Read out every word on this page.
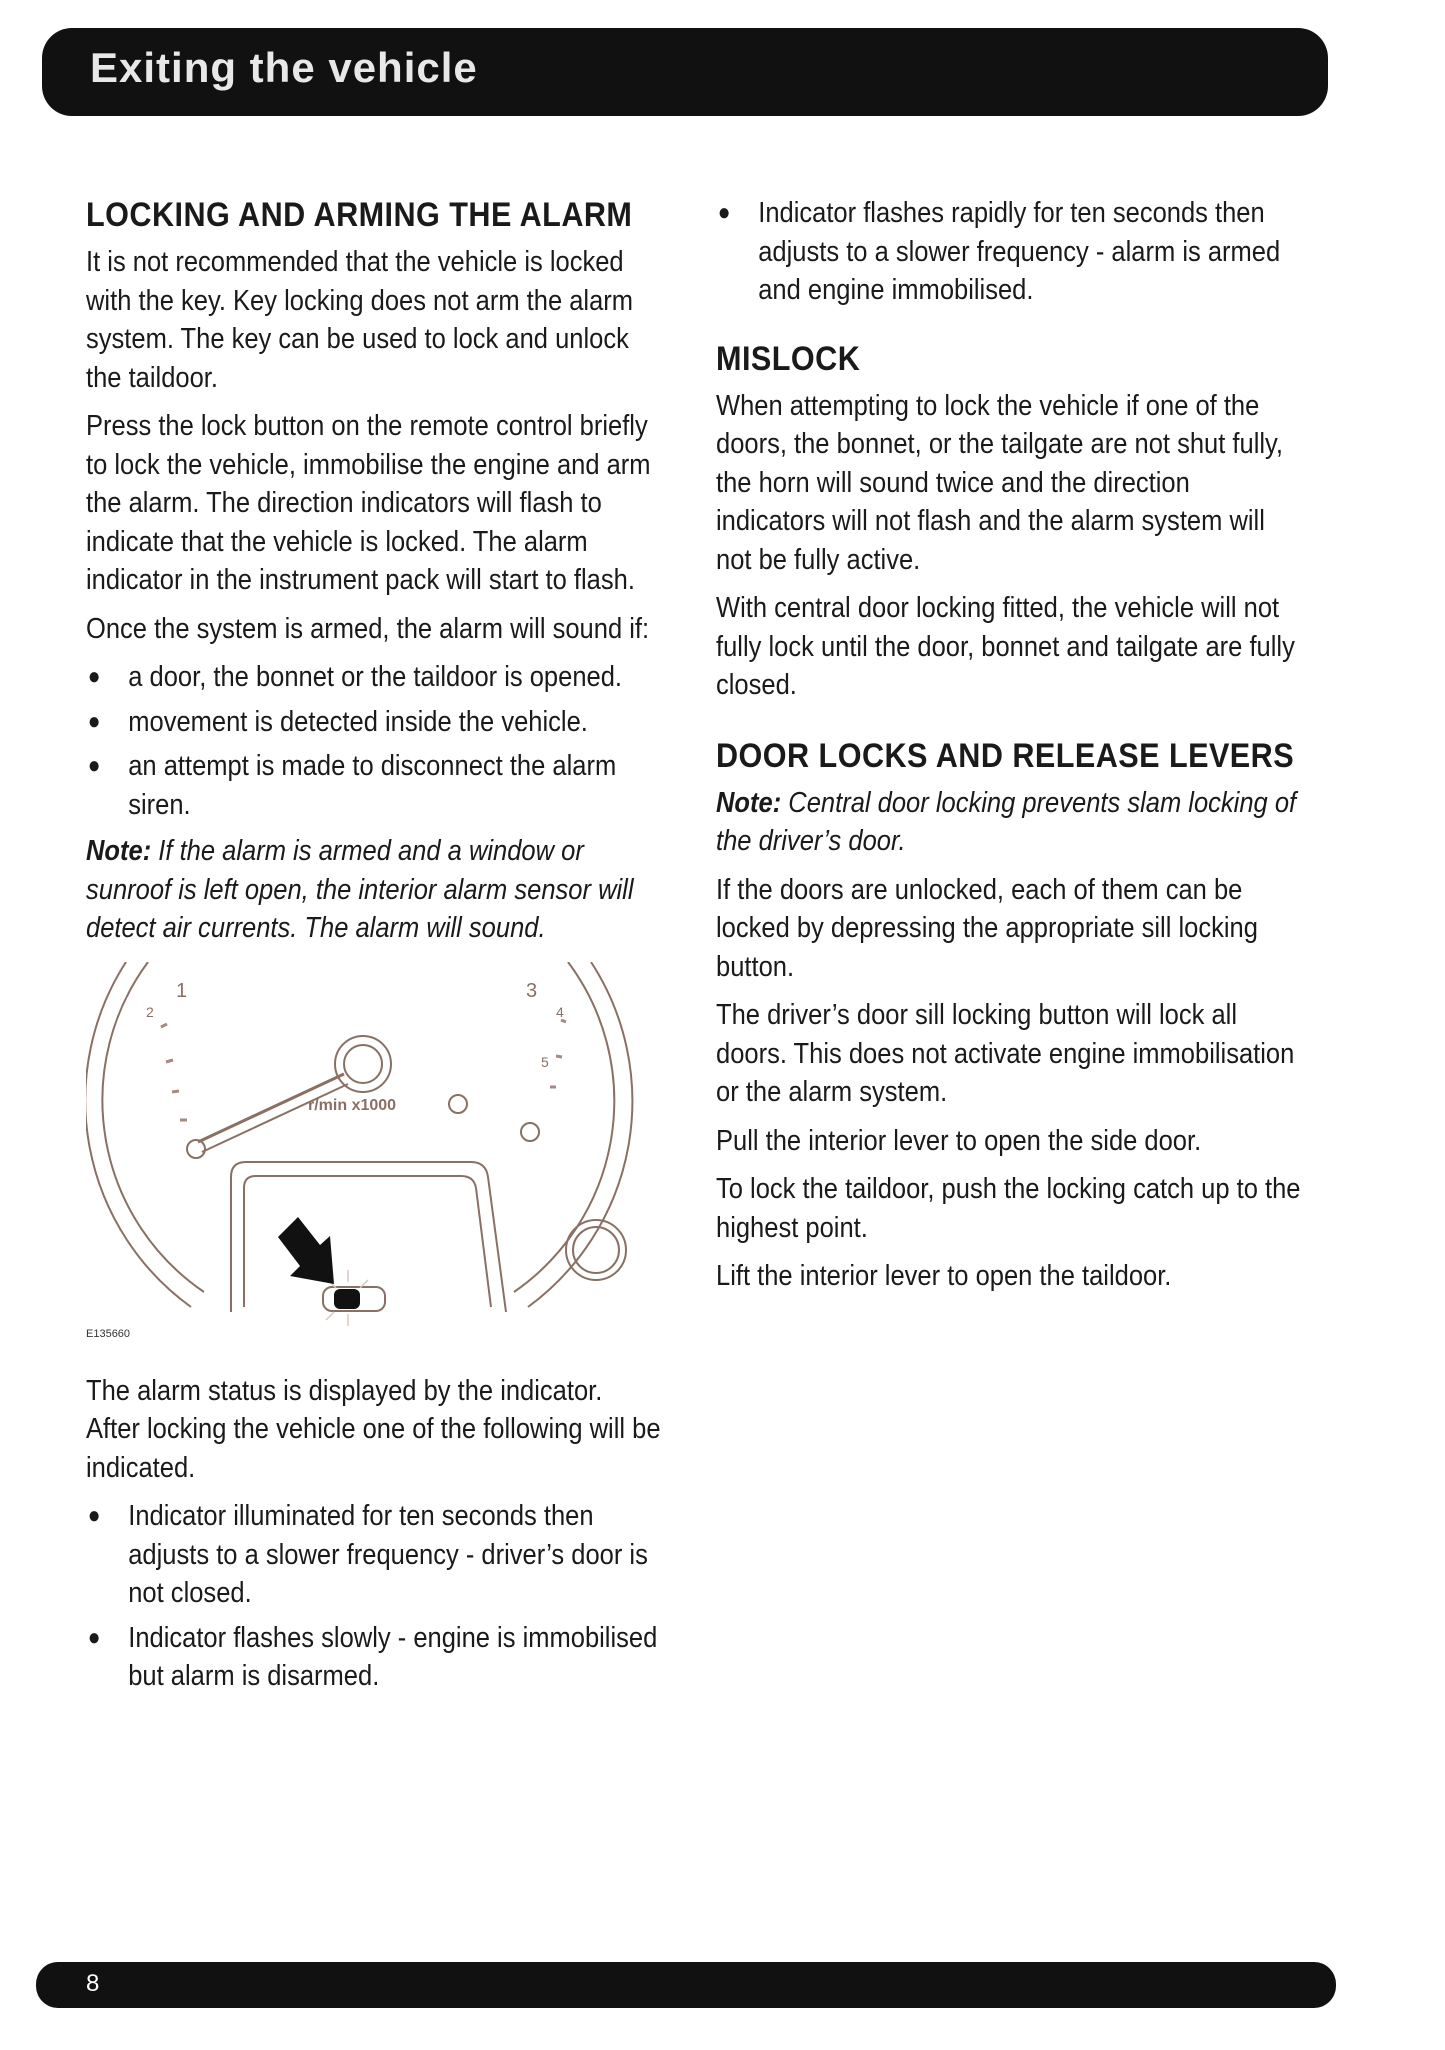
Exiting the vehicle
LOCKING AND ARMING THE ALARM

It is not recommended that the vehicle is locked with the key. Key locking does not arm the alarm system. The key can be used to lock and unlock the taildoor.

Press the lock button on the remote control briefly to lock the vehicle, immobilise the engine and arm the alarm. The direction indicators will flash to indicate that the vehicle is locked. The alarm indicator in the instrument pack will start to flash.

Once the system is armed, the alarm will sound if:

● a door, the bonnet or the taildoor is opened.
● movement is detected inside the vehicle.
● an attempt is made to disconnect the alarm siren.

Note: If the alarm is armed and a window or sunroof is left open, the interior alarm sensor will detect air currents. The alarm will sound.

1
2
3
4
5
r/min x1000
E135660

The alarm status is displayed by the indicator. After locking the vehicle one of the following will be indicated.

● Indicator illuminated for ten seconds then adjusts to a slower frequency - driver’s door is not closed.
● Indicator flashes slowly - engine is immobilised but alarm is disarmed.
● Indicator flashes rapidly for ten seconds then adjusts to a slower frequency - alarm is armed and engine immobilised.
MISLOCK

When attempting to lock the vehicle if one of the doors, the bonnet, or the tailgate are not shut fully, the horn will sound twice and the direction indicators will not flash and the alarm system will not be fully active.

With central door locking fitted, the vehicle will not fully lock until the door, bonnet and tailgate are fully closed.

DOOR LOCKS AND RELEASE LEVERS

Note: Central door locking prevents slam locking of the driver’s door.

If the doors are unlocked, each of them can be locked by depressing the appropriate sill locking button.

The driver’s door sill locking button will lock all doors. This does not activate engine immobilisation or the alarm system.

Pull the interior lever to open the side door.

To lock the taildoor, push the locking catch up to the highest point.

Lift the interior lever to open the taildoor.

8
